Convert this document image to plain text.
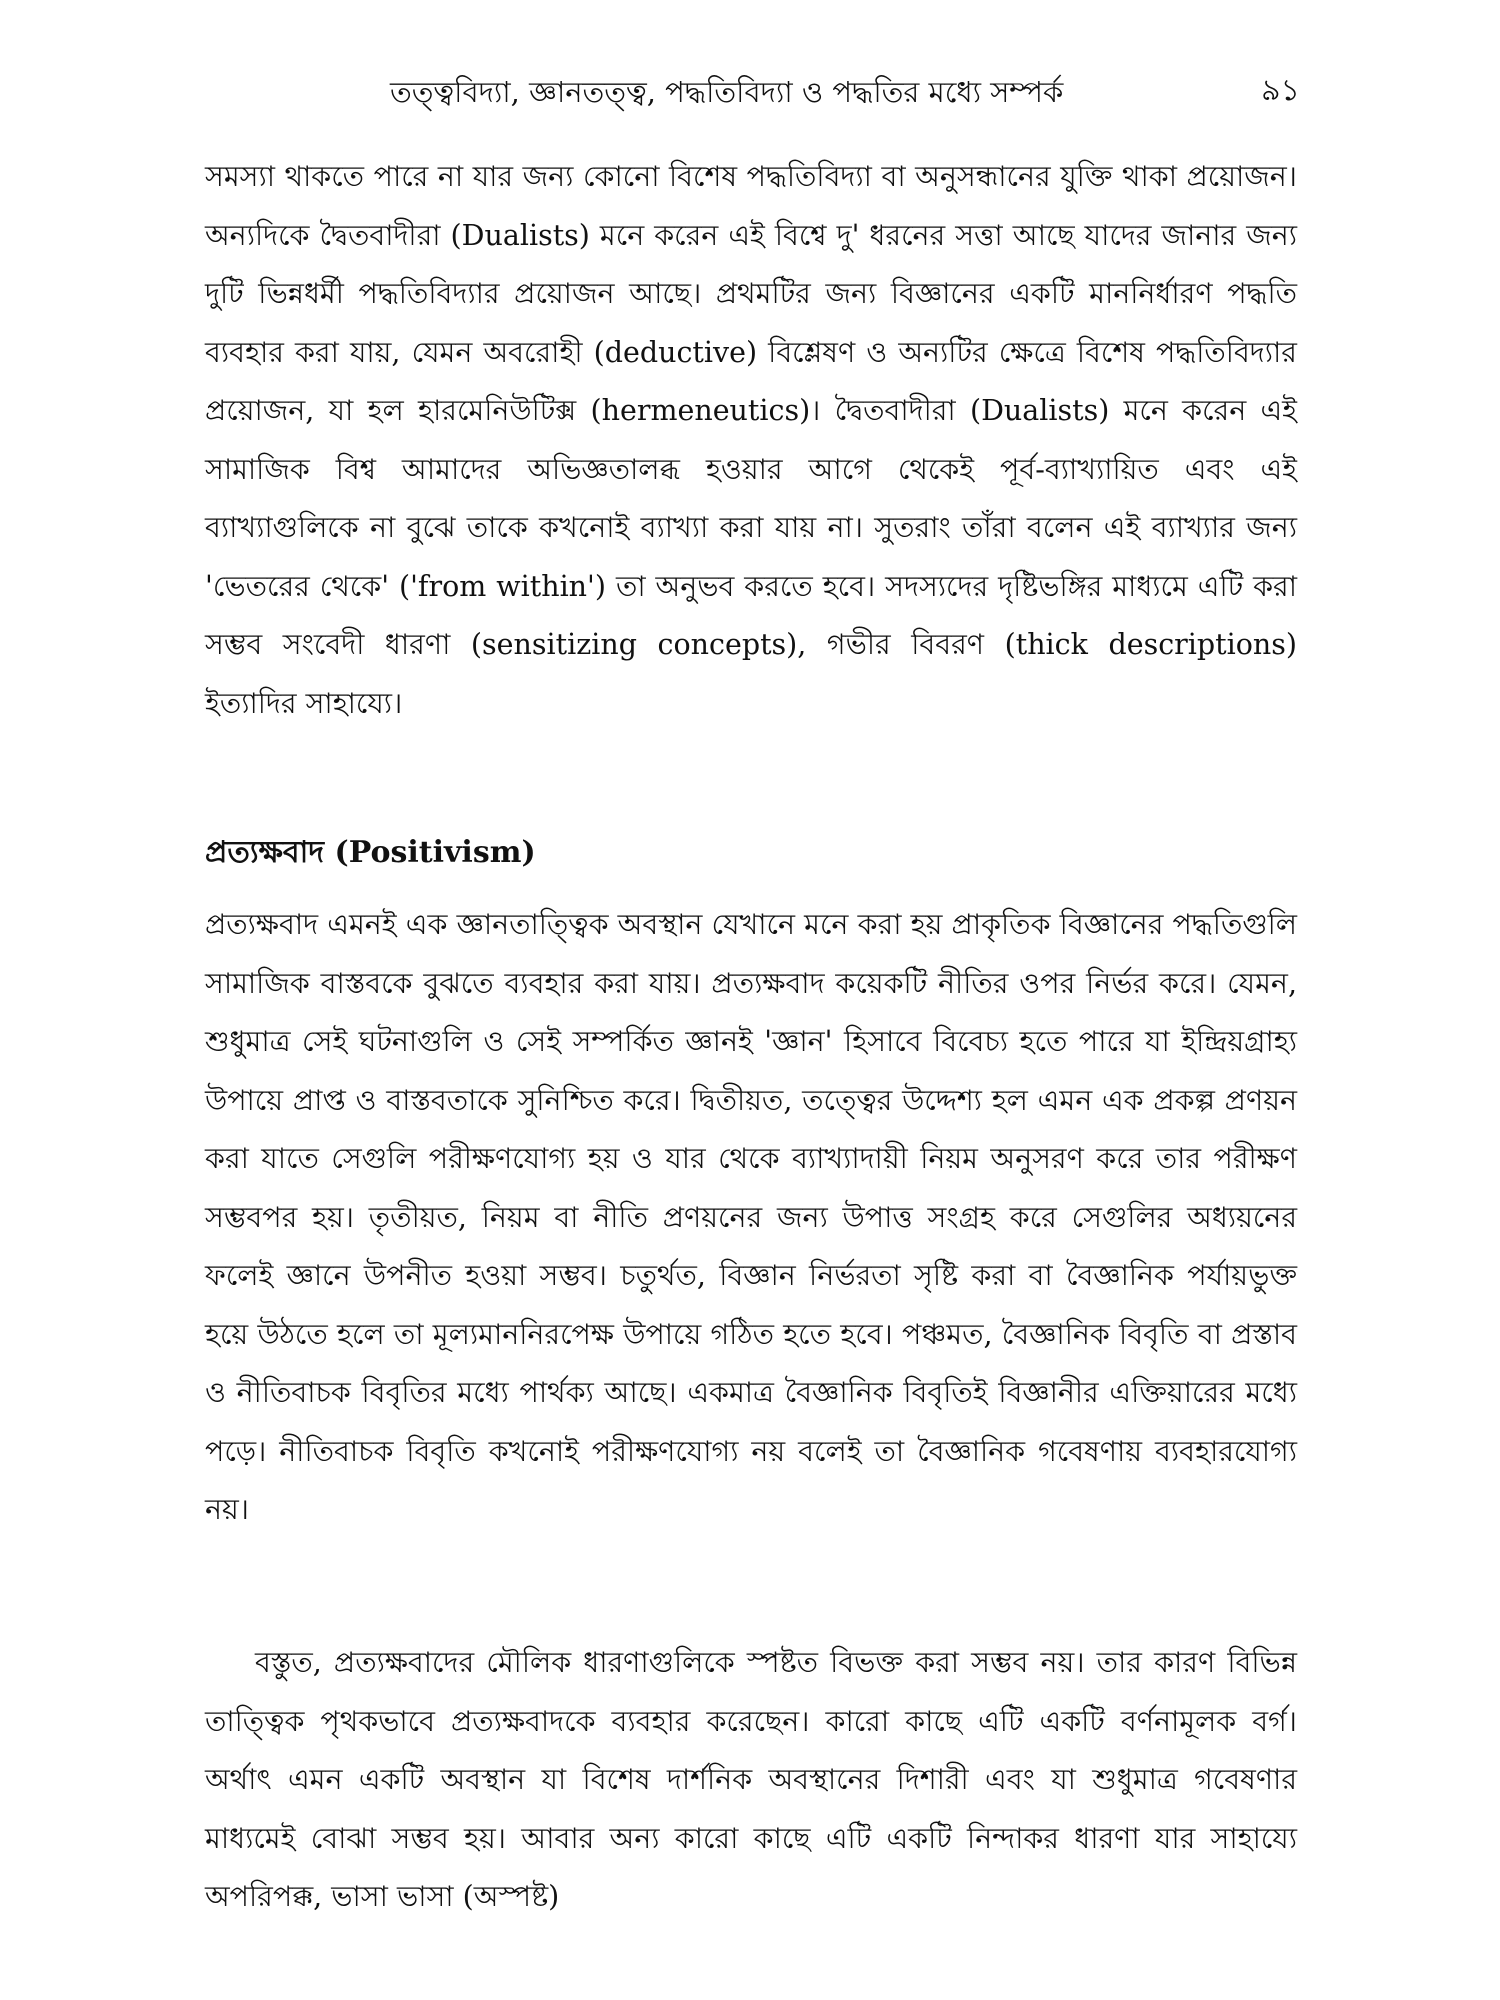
তত্ত্ববিদ্যা, জ্ঞানতত্ত্ব, পদ্ধতিবিদ্যা ও পদ্ধতির মধ্যে সম্পর্ক	৯১

সমস্যা থাকতে পারে না যার জন্য কোনো বিশেষ পদ্ধতিবিদ্যা বা অনুসন্ধানের যুক্তি থাকা প্রয়োজন। অন্যদিকে দ্বৈতবাদীরা (Dualists) মনে করেন এই বিশ্বে দু' ধরনের সত্তা আছে যাদের জানার জন্য দুটি ভিন্নধর্মী পদ্ধতিবিদ্যার প্রয়োজন আছে। প্রথমটির জন্য বিজ্ঞানের একটি মাননির্ধারণ পদ্ধতি ব্যবহার করা যায়, যেমন অবরোহী (deductive) বিশ্লেষণ ও অন্যটির ক্ষেত্রে বিশেষ পদ্ধতিবিদ্যার প্রয়োজন, যা হল হারমেনিউটিক্স (hermeneutics)। দ্বৈতবাদীরা (Dualists) মনে করেন এই সামাজিক বিশ্ব আমাদের অভিজ্ঞতালব্ধ হওয়ার আগে থেকেই পূর্ব-ব্যাখ্যায়িত এবং এই ব্যাখ্যাগুলিকে না বুঝে তাকে কখনোই ব্যাখ্যা করা যায় না। সুতরাং তাঁরা বলেন এই ব্যাখ্যার জন্য 'ভেতরের থেকে' ('from within') তা অনুভব করতে হবে। সদস্যদের দৃষ্টিভঙ্গির মাধ্যমে এটি করা সম্ভব সংবেদী ধারণা (sensitizing concepts), গভীর বিবরণ (thick descriptions) ইত্যাদির সাহায্যে।

প্রত্যক্ষবাদ (Positivism)

প্রত্যক্ষবাদ এমনই এক জ্ঞানতাত্ত্বিক অবস্থান যেখানে মনে করা হয় প্রাকৃতিক বিজ্ঞানের পদ্ধতিগুলি সামাজিক বাস্তবকে বুঝতে ব্যবহার করা যায়। প্রত্যক্ষবাদ কয়েকটি নীতির ওপর নির্ভর করে। যেমন, শুধুমাত্র সেই ঘটনাগুলি ও সেই সম্পর্কিত জ্ঞানই 'জ্ঞান' হিসাবে বিবেচ্য হতে পারে যা ইন্দ্রিয়গ্রাহ্য উপায়ে প্রাপ্ত ও বাস্তবতাকে সুনিশ্চিত করে। দ্বিতীয়ত, তত্ত্বের উদ্দেশ্য হল এমন এক প্রকল্প প্রণয়ন করা যাতে সেগুলি পরীক্ষণযোগ্য হয় ও যার থেকে ব্যাখ্যাদায়ী নিয়ম অনুসরণ করে তার পরীক্ষণ সম্ভবপর হয়। তৃতীয়ত, নিয়ম বা নীতি প্রণয়নের জন্য উপাত্ত সংগ্রহ করে সেগুলির অধ্যয়নের ফলেই জ্ঞানে উপনীত হওয়া সম্ভব। চতুর্থত, বিজ্ঞান নির্ভরতা সৃষ্টি করা বা বৈজ্ঞানিক পর্যায়ভুক্ত হয়ে উঠতে হলে তা মূল্যমাননিরপেক্ষ উপায়ে গঠিত হতে হবে। পঞ্চমত, বৈজ্ঞানিক বিবৃতি বা প্রস্তাব ও নীতিবাচক বিবৃতির মধ্যে পার্থক্য আছে। একমাত্র বৈজ্ঞানিক বিবৃতিই বিজ্ঞানীর এক্তিয়ারের মধ্যে পড়ে। নীতিবাচক বিবৃতি কখনোই পরীক্ষণযোগ্য নয় বলেই তা বৈজ্ঞানিক গবেষণায় ব্যবহারযোগ্য নয়।

বস্তুত, প্রত্যক্ষবাদের মৌলিক ধারণাগুলিকে স্পষ্টত বিভক্ত করা সম্ভব নয়। তার কারণ বিভিন্ন তাত্ত্বিক পৃথকভাবে প্রত্যক্ষবাদকে ব্যবহার করেছেন। কারো কাছে এটি একটি বর্ণনামূলক বর্গ। অর্থাৎ এমন একটি অবস্থান যা বিশেষ দার্শনিক অবস্থানের দিশারী এবং যা শুধুমাত্র গবেষণার মাধ্যমেই বোঝা সম্ভব হয়। আবার অন্য কারো কাছে এটি একটি নিন্দাকর ধারণা যার সাহায্যে অপরিপক্ক, ভাসা ভাসা (অস্পষ্ট)
